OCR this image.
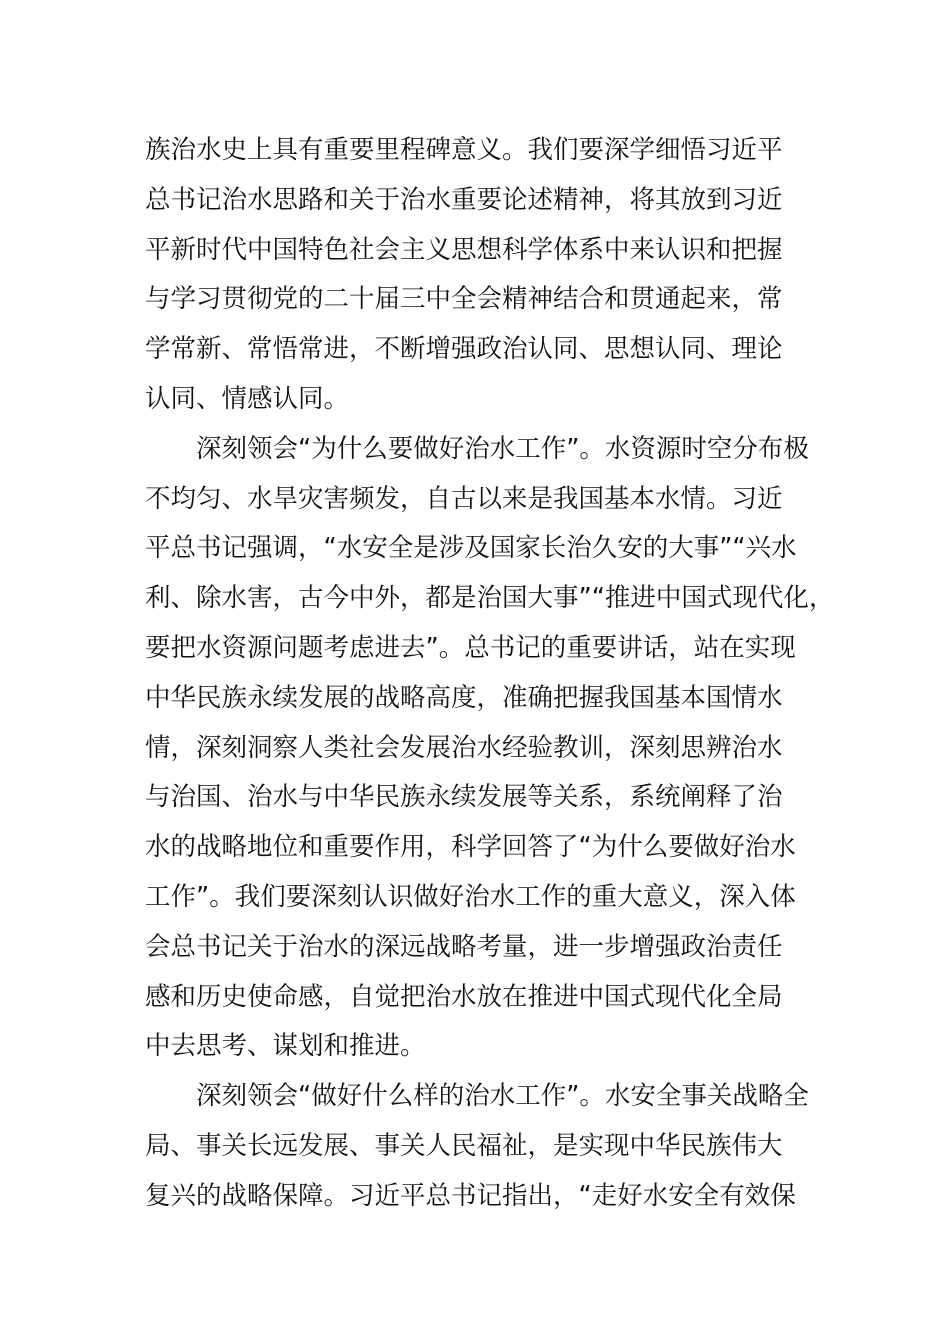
族治水史上具有重要里程碑意义。我们要深学细悟习近平
总书记治水思路和关于治水重要论述精神，将其放到习近
平新时代中国特色社会主义思想科学体系中来认识和把握
与学习贯彻党的二十届三中全会精神结合和贯通起来，常
学常新、常悟常进，不断增强政治认同、思想认同、理论
认同、情感认同。
深刻领会“为什么要做好治水工作”。水资源时空分布极
不均匀、水旱灾害频发，自古以来是我国基本水情。习近
平总书记强调，“水安全是涉及国家长治久安的大事”“兴水
利、除水害，古今中外，都是治国大事”“推进中国式现代化，
要把水资源问题考虑进去”。总书记的重要讲话，站在实现
中华民族永续发展的战略高度，准确把握我国基本国情水
情，深刻洞察人类社会发展治水经验教训，深刻思辨治水
与治国、治水与中华民族永续发展等关系，系统阐释了治
水的战略地位和重要作用，科学回答了“为什么要做好治水
工作”。我们要深刻认识做好治水工作的重大意义，深入体
会总书记关于治水的深远战略考量，进一步增强政治责任
感和历史使命感，自觉把治水放在推进中国式现代化全局
中去思考、谋划和推进。
深刻领会“做好什么样的治水工作”。水安全事关战略全
局、事关长远发展、事关人民福祉，是实现中华民族伟大
复兴的战略保障。习近平总书记指出，“走好水安全有效保
